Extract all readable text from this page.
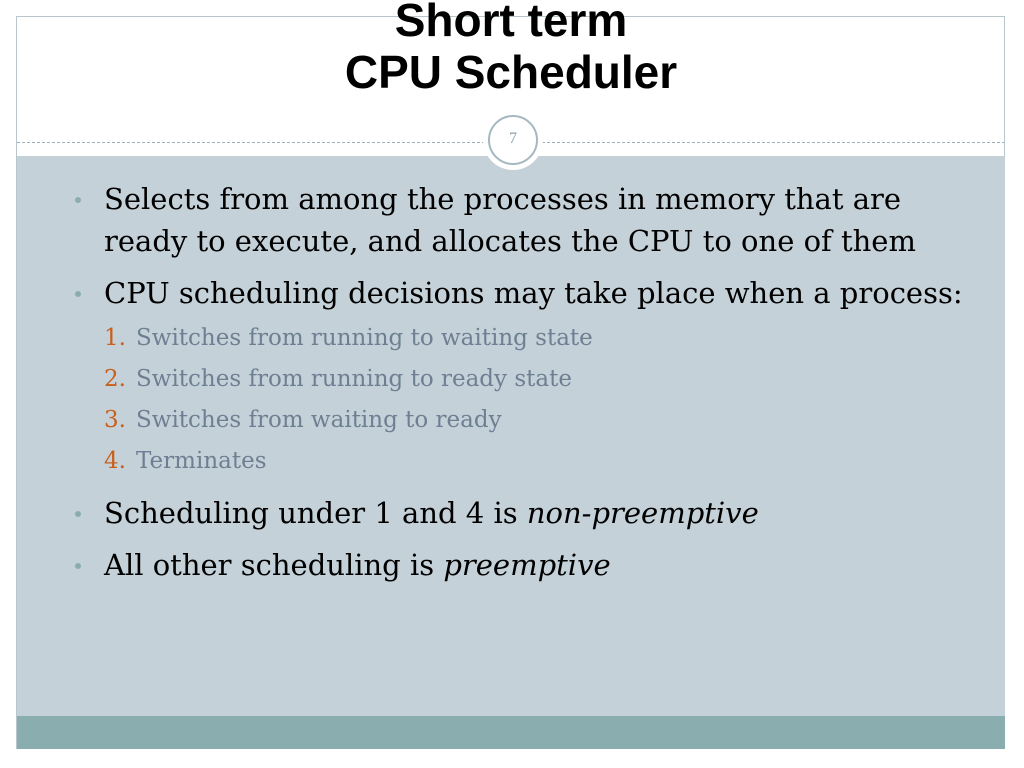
Short term
CPU Scheduler
7
Selects from among the processes in memory that are ready to execute, and allocates the CPU to one of them
CPU scheduling decisions may take place when a process:
1. Switches from running to waiting state
2. Switches from running to ready state
3. Switches from waiting to ready
4. Terminates
Scheduling under 1 and 4 is non-preemptive
All other scheduling is preemptive
